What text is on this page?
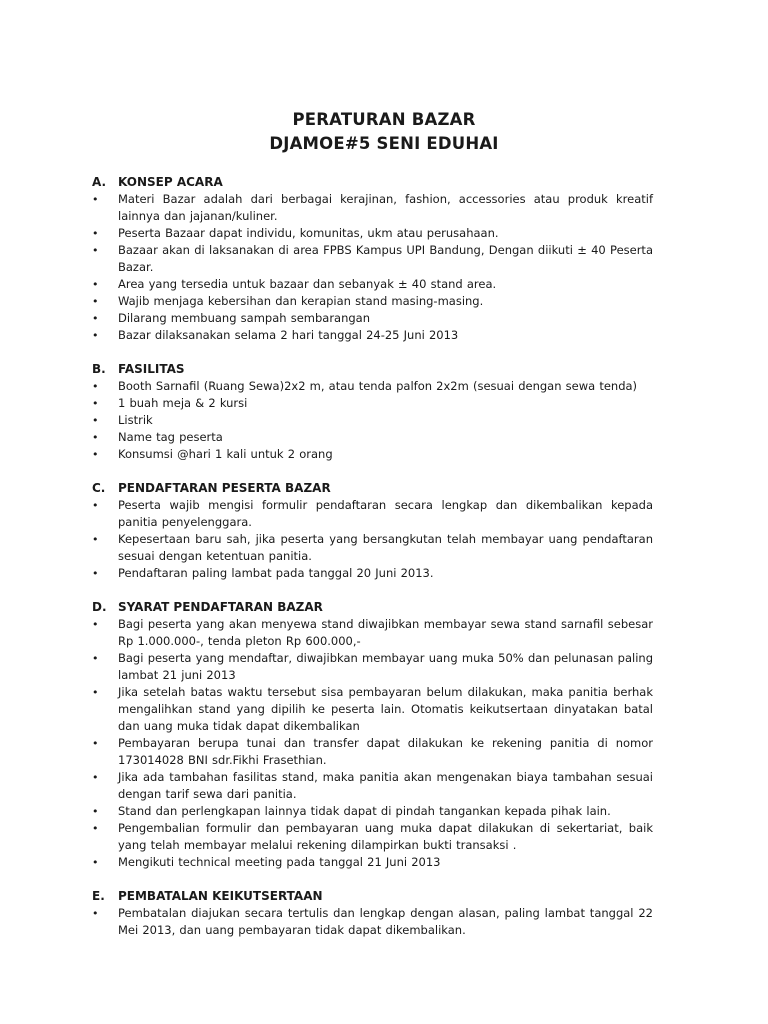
PERATURAN BAZAR
DJAMOE#5 SENI EDUHAI
A. KONSEP ACARA
•	Materi Bazar adalah dari berbagai kerajinan, fashion, accessories atau produk kreatif lainnya dan jajanan/kuliner.
•	Peserta Bazaar dapat individu, komunitas, ukm atau perusahaan.
•	Bazaar akan di laksanakan di area FPBS Kampus UPI Bandung, Dengan diikuti ± 40 Peserta Bazar.
•	Area yang tersedia untuk bazaar dan sebanyak ± 40 stand area.
•	Wajib menjaga kebersihan dan kerapian stand masing-masing.
•	Dilarang membuang sampah sembarangan
•	Bazar dilaksanakan selama 2 hari tanggal 24-25 Juni 2013
B.	FASILITAS
•	Booth Sarnafil (Ruang Sewa)2x2 m, atau tenda palfon 2x2m (sesuai dengan sewa tenda)
•	1 buah meja & 2 kursi
•	Listrik
•	Name tag peserta
•	Konsumsi @hari 1 kali untuk 2 orang
C.	PENDAFTARAN PESERTA BAZAR
•	Peserta wajib mengisi formulir pendaftaran secara lengkap dan dikembalikan kepada panitia penyelenggara.
•	Kepesertaan baru sah, jika peserta yang bersangkutan telah membayar uang pendaftaran sesuai dengan ketentuan panitia.
•	Pendaftaran paling lambat pada tanggal 20 Juni 2013.
D. SYARAT PENDAFTARAN BAZAR
•	Bagi peserta yang akan menyewa stand diwajibkan membayar sewa stand sarnafil sebesar Rp 1.000.000-, tenda pleton Rp 600.000,-
•	Bagi peserta yang mendaftar, diwajibkan membayar uang muka 50% dan pelunasan paling lambat 21 juni 2013
•	Jika setelah batas waktu tersebut sisa pembayaran belum dilakukan, maka panitia berhak mengalihkan stand yang dipilih ke peserta lain. Otomatis keikutsertaan dinyatakan batal dan uang muka tidak dapat dikembalikan
•	Pembayaran berupa tunai dan transfer dapat dilakukan ke rekening panitia di nomor 173014028 BNI sdr.Fikhi Frasethian.
•	Jika ada tambahan fasilitas stand, maka panitia akan mengenakan biaya tambahan sesuai dengan tarif sewa dari panitia.
•	Stand dan perlengkapan lainnya tidak dapat di pindah tangankan kepada pihak lain.
•	Pengembalian formulir dan pembayaran uang muka dapat dilakukan di sekertariat, baik yang telah membayar melalui rekening dilampirkan bukti transaksi .
•	Mengikuti technical meeting pada tanggal 21 Juni 2013
E.	PEMBATALAN KEIKUTSERTAAN
•	Pembatalan diajukan secara tertulis dan lengkap dengan alasan, paling lambat tanggal 22 Mei 2013, dan uang pembayaran tidak dapat dikembalikan.
